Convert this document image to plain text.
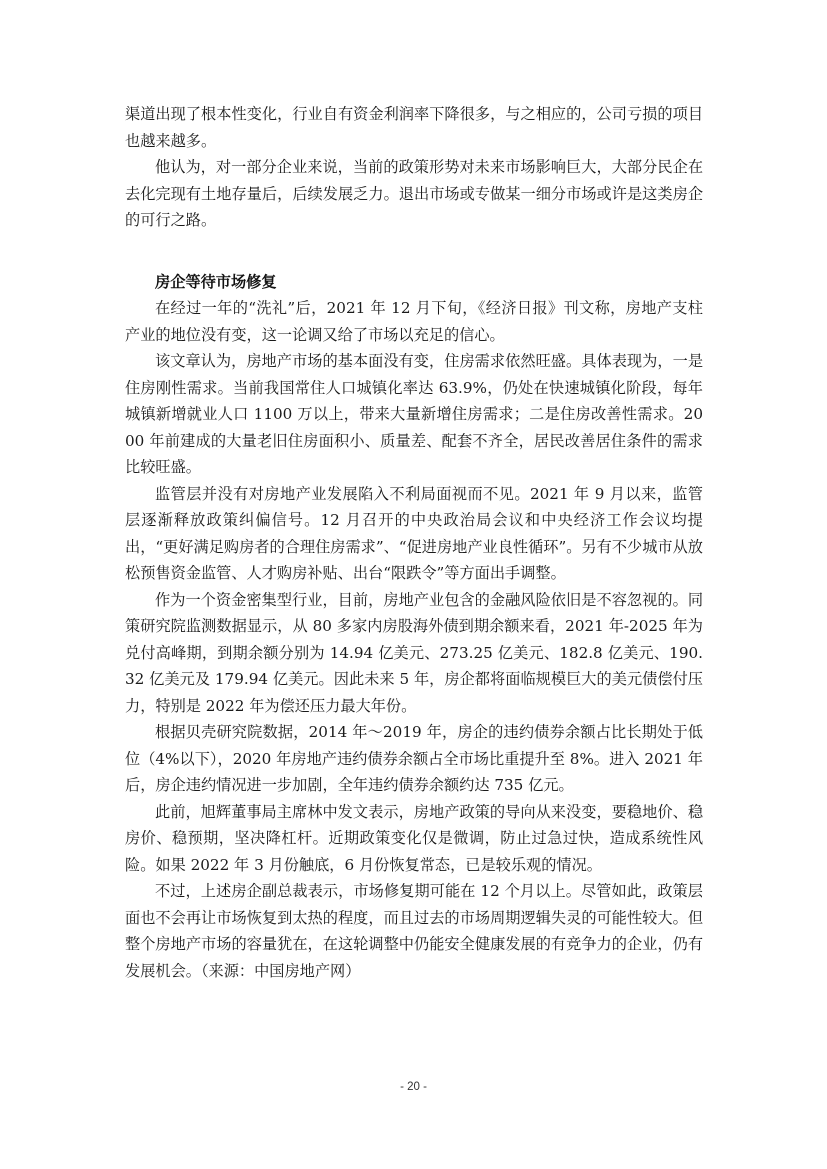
渠道出现了根本性变化，行业自有资金利润率下降很多，与之相应的，公司亏损的项目也越来越多。

他认为，对一部分企业来说，当前的政策形势对未来市场影响巨大，大部分民企在去化完现有土地存量后，后续发展乏力。退出市场或专做某一细分市场或许是这类房企的可行之路。

房企等待市场修复

在经过一年的“洗礼”后，2021 年 12 月下旬，《经济日报》刊文称，房地产支柱产业的地位没有变，这一论调又给了市场以充足的信心。

该文章认为，房地产市场的基本面没有变，住房需求依然旺盛。具体表现为，一是住房刚性需求。当前我国常住人口城镇化率达 63.9%，仍处在快速城镇化阶段，每年城镇新增就业人口 1100 万以上，带来大量新增住房需求；二是住房改善性需求。2000 年前建成的大量老旧住房面积小、质量差、配套不齐全，居民改善居住条件的需求比较旺盛。

监管层并没有对房地产业发展陷入不利局面视而不见。2021 年 9 月以来，监管层逐渐释放政策纠偏信号。12 月召开的中央政治局会议和中央经济工作会议均提出，“更好满足购房者的合理住房需求”、“促进房地产业良性循环”。另有不少城市从放松预售资金监管、人才购房补贴、出台“限跌令”等方面出手调整。

作为一个资金密集型行业，目前，房地产业包含的金融风险依旧是不容忽视的。同策研究院监测数据显示，从 80 多家内房股海外债到期余额来看，2021 年-2025 年为兑付高峰期，到期余额分别为 14.94 亿美元、273.25 亿美元、182.8 亿美元、190.32 亿美元及 179.94 亿美元。因此未来 5 年，房企都将面临规模巨大的美元债偿付压力，特别是 2022 年为偿还压力最大年份。

根据贝壳研究院数据，2014 年～2019 年，房企的违约债券余额占比长期处于低位（4%以下），2020 年房地产违约债券余额占全市场比重提升至 8%。进入 2021 年后，房企违约情况进一步加剧，全年违约债券余额约达 735 亿元。

此前，旭辉董事局主席林中发文表示，房地产政策的导向从来没变，要稳地价、稳房价、稳预期，坚决降杠杆。近期政策变化仅是微调，防止过急过快，造成系统性风险。如果 2022 年 3 月份触底，6 月份恢复常态，已是较乐观的情况。

不过，上述房企副总裁表示，市场修复期可能在 12 个月以上。尽管如此，政策层面也不会再让市场恢复到太热的程度，而且过去的市场周期逻辑失灵的可能性较大。但整个房地产市场的容量犹在，在这轮调整中仍能安全健康发展的有竞争力的企业，仍有发展机会。（来源：中国房地产网）

- 20 -
